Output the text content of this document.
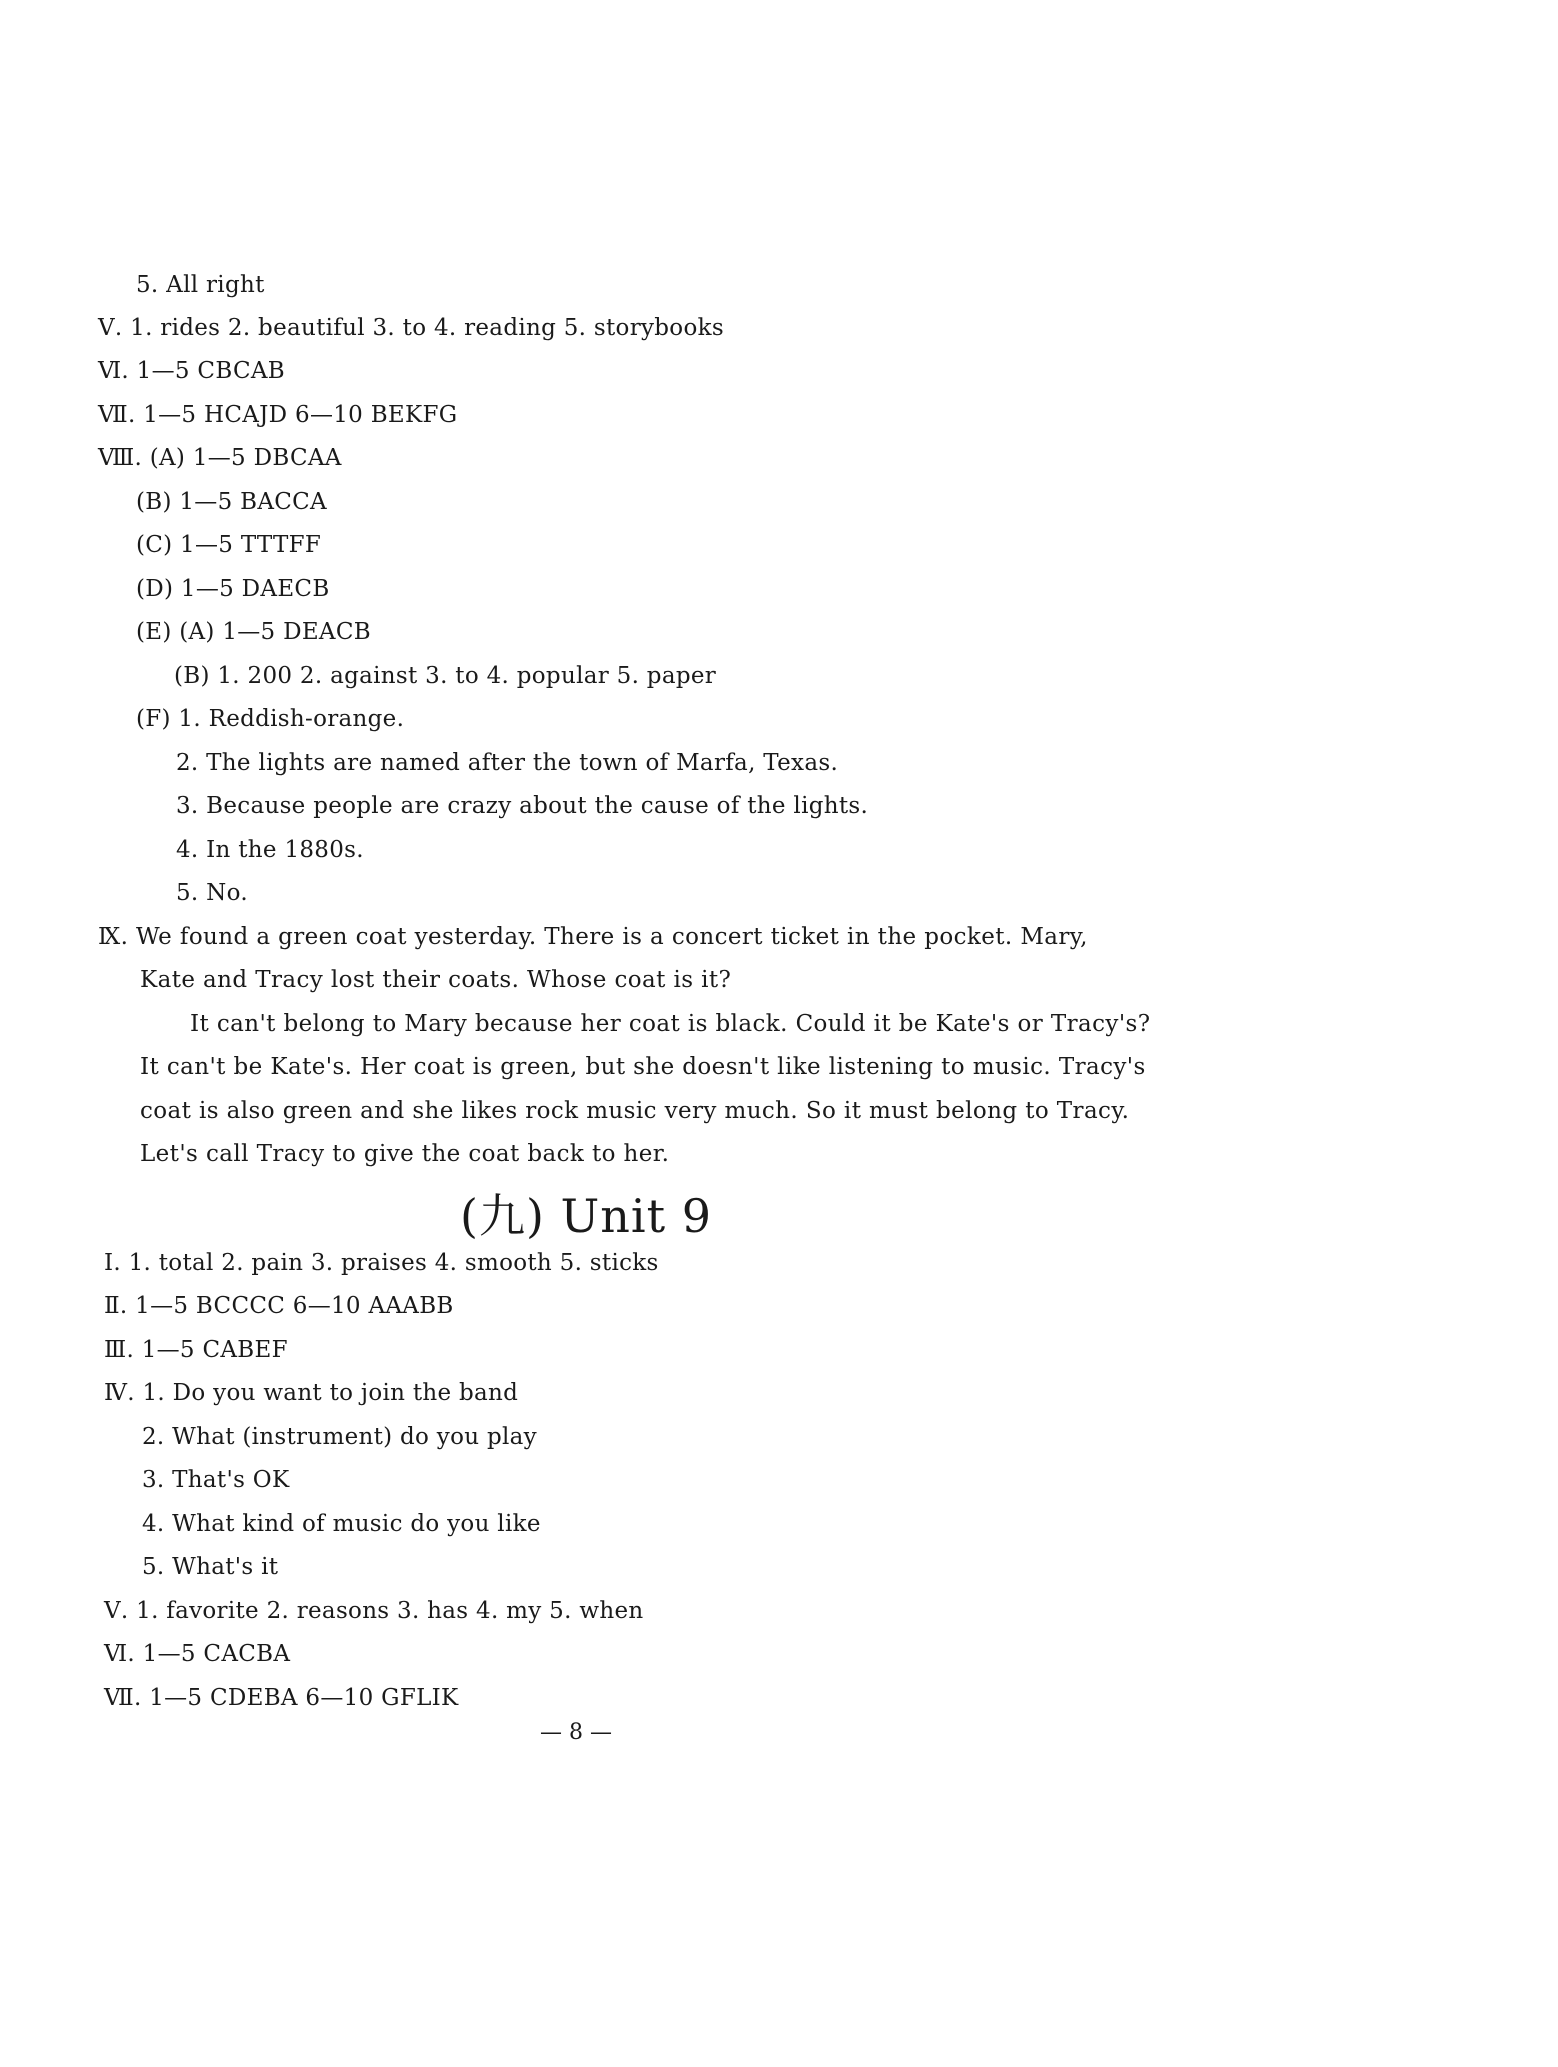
5. All right
Ⅴ. 1. rides 2. beautiful 3. to 4. reading 5. storybooks
Ⅵ. 1—5 CBCAB
Ⅶ. 1—5 HCAJD 6—10 BEKFG
Ⅷ. (A) 1—5 DBCAA
(B) 1—5 BACCA
(C) 1—5 TTTFF
(D) 1—5 DAECB
(E) (A) 1—5 DEACB
(B) 1. 200 2. against 3. to 4. popular 5. paper
(F) 1. Reddish-orange.
2. The lights are named after the town of Marfa, Texas.
3. Because people are crazy about the cause of the lights.
4. In the 1880s.
5. No.
Ⅸ. We found a green coat yesterday. There is a concert ticket in the pocket. Mary,
Kate and Tracy lost their coats. Whose coat is it?
It can't belong to Mary because her coat is black. Could it be Kate's or Tracy's?
It can't be Kate's. Her coat is green, but she doesn't like listening to music. Tracy's
coat is also green and she likes rock music very much. So it must belong to Tracy.
Let's call Tracy to give the coat back to her.
(九) Unit 9
Ⅰ. 1. total 2. pain 3. praises 4. smooth 5. sticks
Ⅱ. 1—5 BCCCC 6—10 AAABB
Ⅲ. 1—5 CABEF
Ⅳ. 1. Do you want to join the band
2. What (instrument) do you play
3. That's OK
4. What kind of music do you like
5. What's it
Ⅴ. 1. favorite 2. reasons 3. has 4. my 5. when
Ⅵ. 1—5 CACBA
Ⅶ. 1—5 CDEBA 6—10 GFLIK
— 8 —
